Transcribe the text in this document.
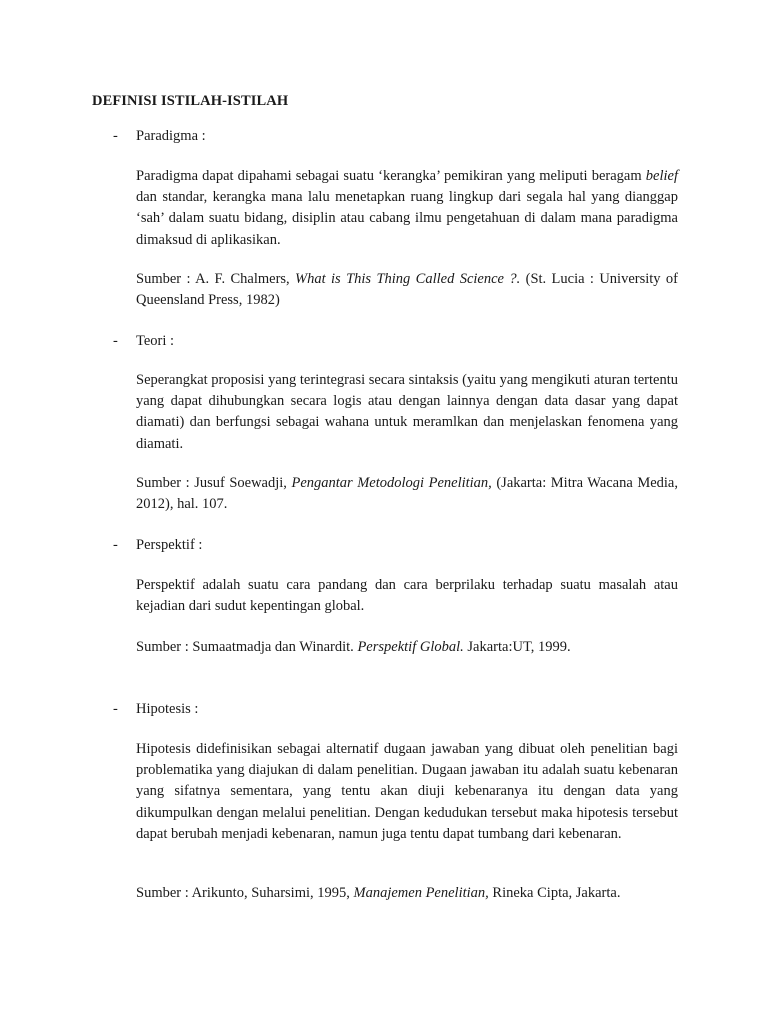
DEFINISI ISTILAH-ISTILAH
- Paradigma :

Paradigma dapat dipahami sebagai suatu ‘kerangka’ pemikiran yang meliputi beragam belief dan standar, kerangka mana lalu menetapkan ruang lingkup dari segala hal yang dianggap ‘sah’ dalam suatu bidang, disiplin atau cabang ilmu pengetahuan di dalam mana paradigma dimaksud di aplikasikan.

Sumber : A. F. Chalmers, What is This Thing Called Science ?. (St. Lucia : University of Queensland Press, 1982)

- Teori :

Seperangkat proposisi yang terintegrasi secara sintaksis (yaitu yang mengikuti aturan tertentu yang dapat dihubungkan secara logis atau dengan lainnya dengan data dasar yang dapat diamati) dan berfungsi sebagai wahana untuk meramlkan dan menjelaskan fenomena yang diamati.

Sumber : Jusuf Soewadji, Pengantar Metodologi Penelitian, (Jakarta: Mitra Wacana Media, 2012), hal. 107.

- Perspektif :

Perspektif adalah suatu cara pandang dan cara berprilaku terhadap suatu masalah atau kejadian dari sudut kepentingan global.

Sumber : Sumaatmadja dan Winardit. Perspektif Global. Jakarta:UT, 1999.

- Hipotesis :

Hipotesis didefinisikan sebagai alternatif dugaan jawaban yang dibuat oleh penelitian bagi problematika yang diajukan di dalam penelitian. Dugaan jawaban itu adalah suatu kebenaran yang sifatnya sementara, yang tentu akan diuji kebenaranya itu dengan data yang dikumpulkan dengan melalui penelitian. Dengan kedudukan tersebut maka hipotesis tersebut dapat berubah menjadi kebenaran, namun juga tentu dapat tumbang dari kebenaran.

Sumber : Arikunto, Suharsimi, 1995, Manajemen Penelitian, Rineka Cipta, Jakarta.
